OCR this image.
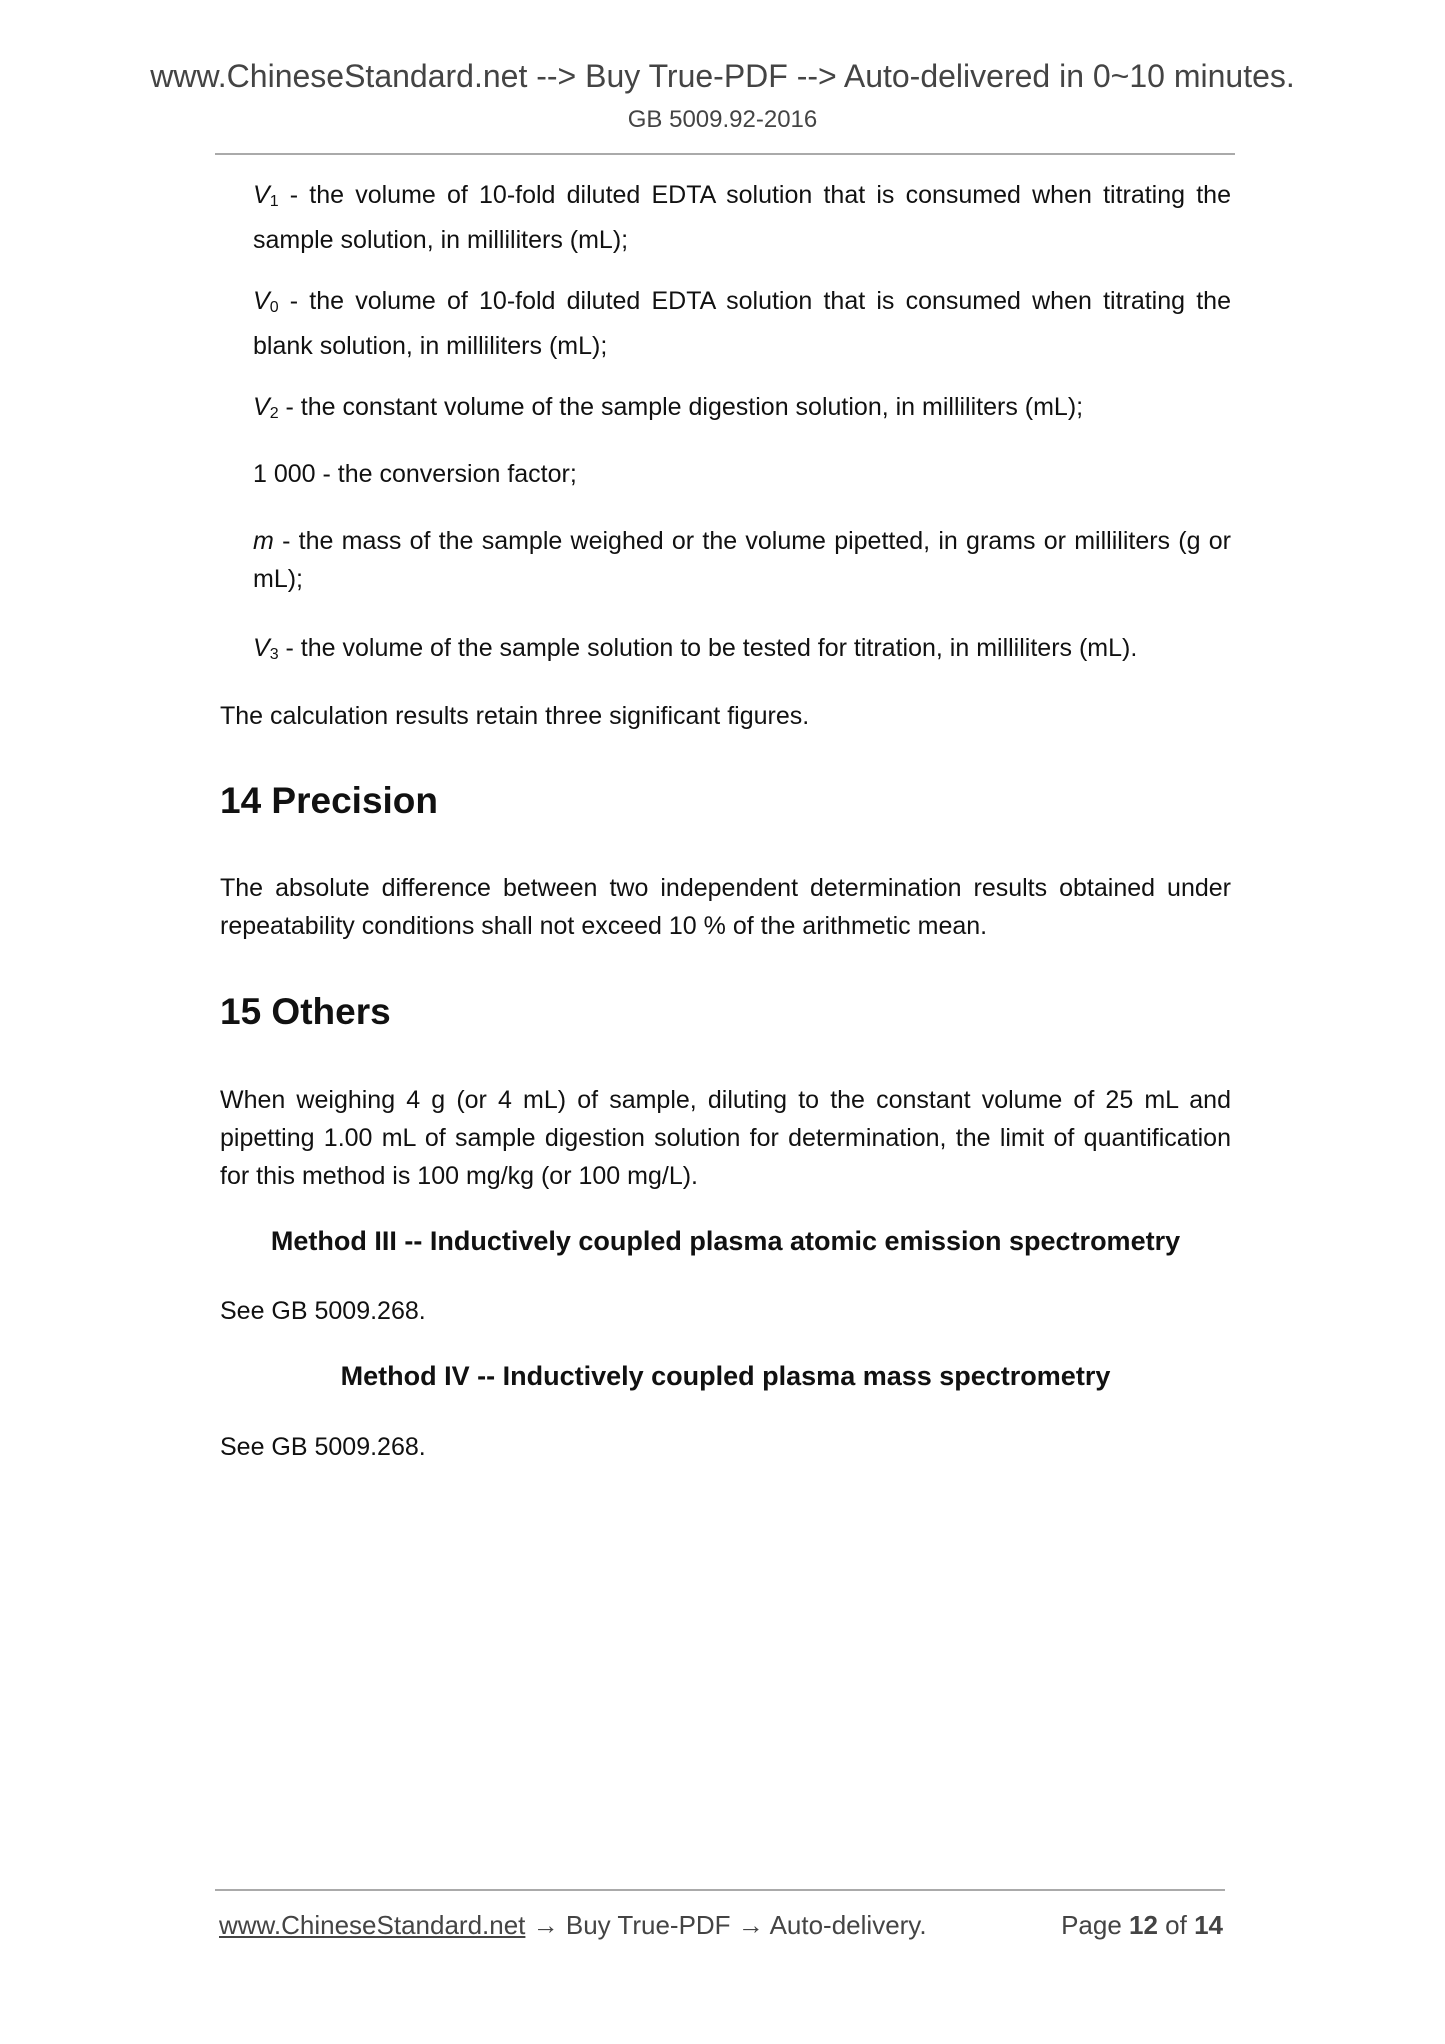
www.ChineseStandard.net --> Buy True-PDF --> Auto-delivered in 0~10 minutes.
GB 5009.92-2016
$V_1$ - the volume of 10-fold diluted EDTA solution that is consumed when titrating the sample solution, in milliliters (mL);
$V_0$ - the volume of 10-fold diluted EDTA solution that is consumed when titrating the blank solution, in milliliters (mL);
$V_2$ - the constant volume of the sample digestion solution, in milliliters (mL);
1 000 - the conversion factor;
m - the mass of the sample weighed or the volume pipetted, in grams or milliliters (g or mL);
$V_3$ - the volume of the sample solution to be tested for titration, in milliliters (mL).
The calculation results retain three significant figures.
14 Precision
The absolute difference between two independent determination results obtained under repeatability conditions shall not exceed 10 % of the arithmetic mean.
15 Others
When weighing 4 g (or 4 mL) of sample, diluting to the constant volume of 25 mL and pipetting 1.00 mL of sample digestion solution for determination, the limit of quantification for this method is 100 mg/kg (or 100 mg/L).
Method III -- Inductively coupled plasma atomic emission spectrometry
See GB 5009.268.
Method IV -- Inductively coupled plasma mass spectrometry
See GB 5009.268.
www.ChineseStandard.net → Buy True-PDF → Auto-delivery.	Page 12 of 14
